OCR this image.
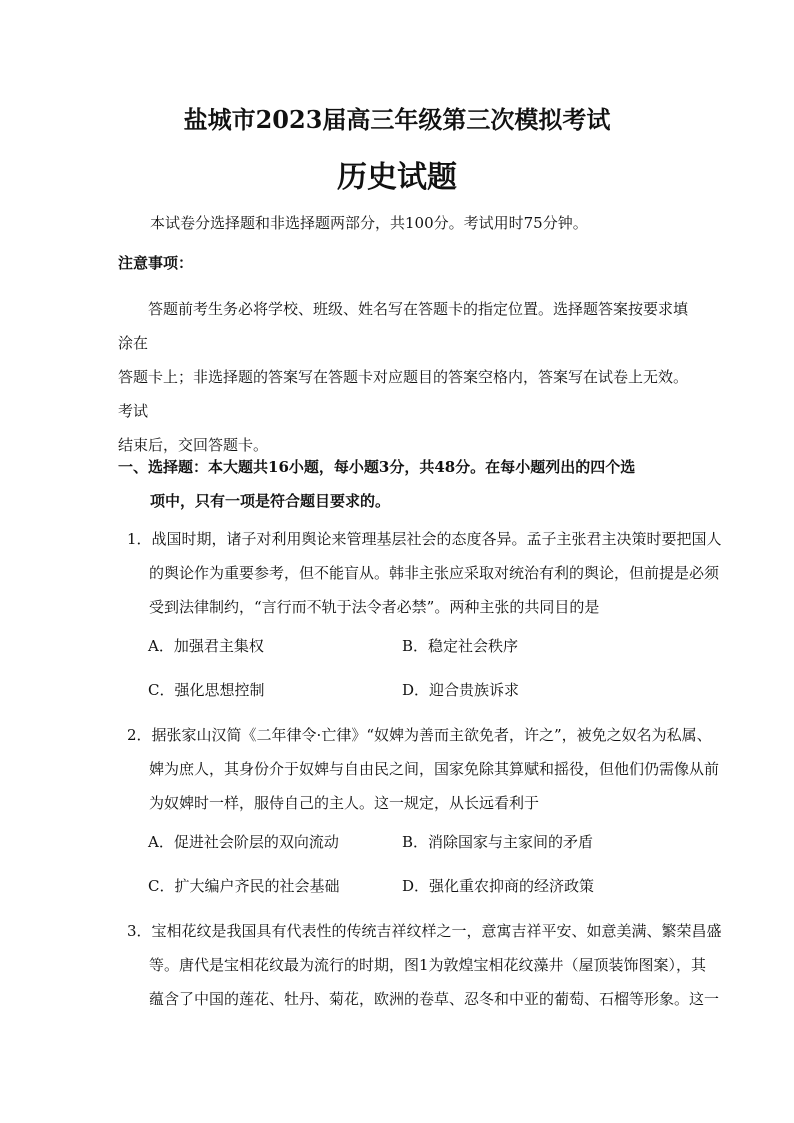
盐城市2023届高三年级第三次模拟考试
历史试题
本试卷分选择题和非选择题两部分，共100分。考试用时75分钟。
注意事项：
答题前考生务必将学校、班级、姓名写在答题卡的指定位置。选择题答案按要求填涂在
答题卡上；非选择题的答案写在答题卡对应题目的答案空格内，答案写在试卷上无效。考试
结束后，交回答题卡。
一、选择题：本大题共16小题，每小题3分，共48分。在每小题列出的四个选
项中，只有一项是符合题目要求的。
1．战国时期，诸子对利用舆论来管理基层社会的态度各异。孟子主张君主决策时要把国人
的舆论作为重要参考，但不能盲从。韩非主张应采取对统治有利的舆论，但前提是必须
受到法律制约，“言行而不轨于法令者必禁”。两种主张的共同目的是
A．加强君主集权	B．稳定社会秩序
C．强化思想控制	D．迎合贵族诉求
2．据张家山汉简《二年律令·亡律》“奴婢为善而主欲免者，许之”，被免之奴名为私属、
婢为庶人，其身份介于奴婢与自由民之间，国家免除其算赋和摇役，但他们仍需像从前
为奴婢时一样，服侍自己的主人。这一规定，从长远看利于
A．促进社会阶层的双向流动	B．消除国家与主家间的矛盾
C．扩大编户齐民的社会基础	D．强化重农抑商的经济政策
3．宝相花纹是我国具有代表性的传统吉祥纹样之一，意寓吉祥平安、如意美满、繁荣昌盛
等。唐代是宝相花纹最为流行的时期，图1为敦煌宝相花纹藻井（屋顶装饰图案），其
蕴含了中国的莲花、牡丹、菊花，欧洲的卷草、忍冬和中亚的葡萄、石榴等形象。这一
